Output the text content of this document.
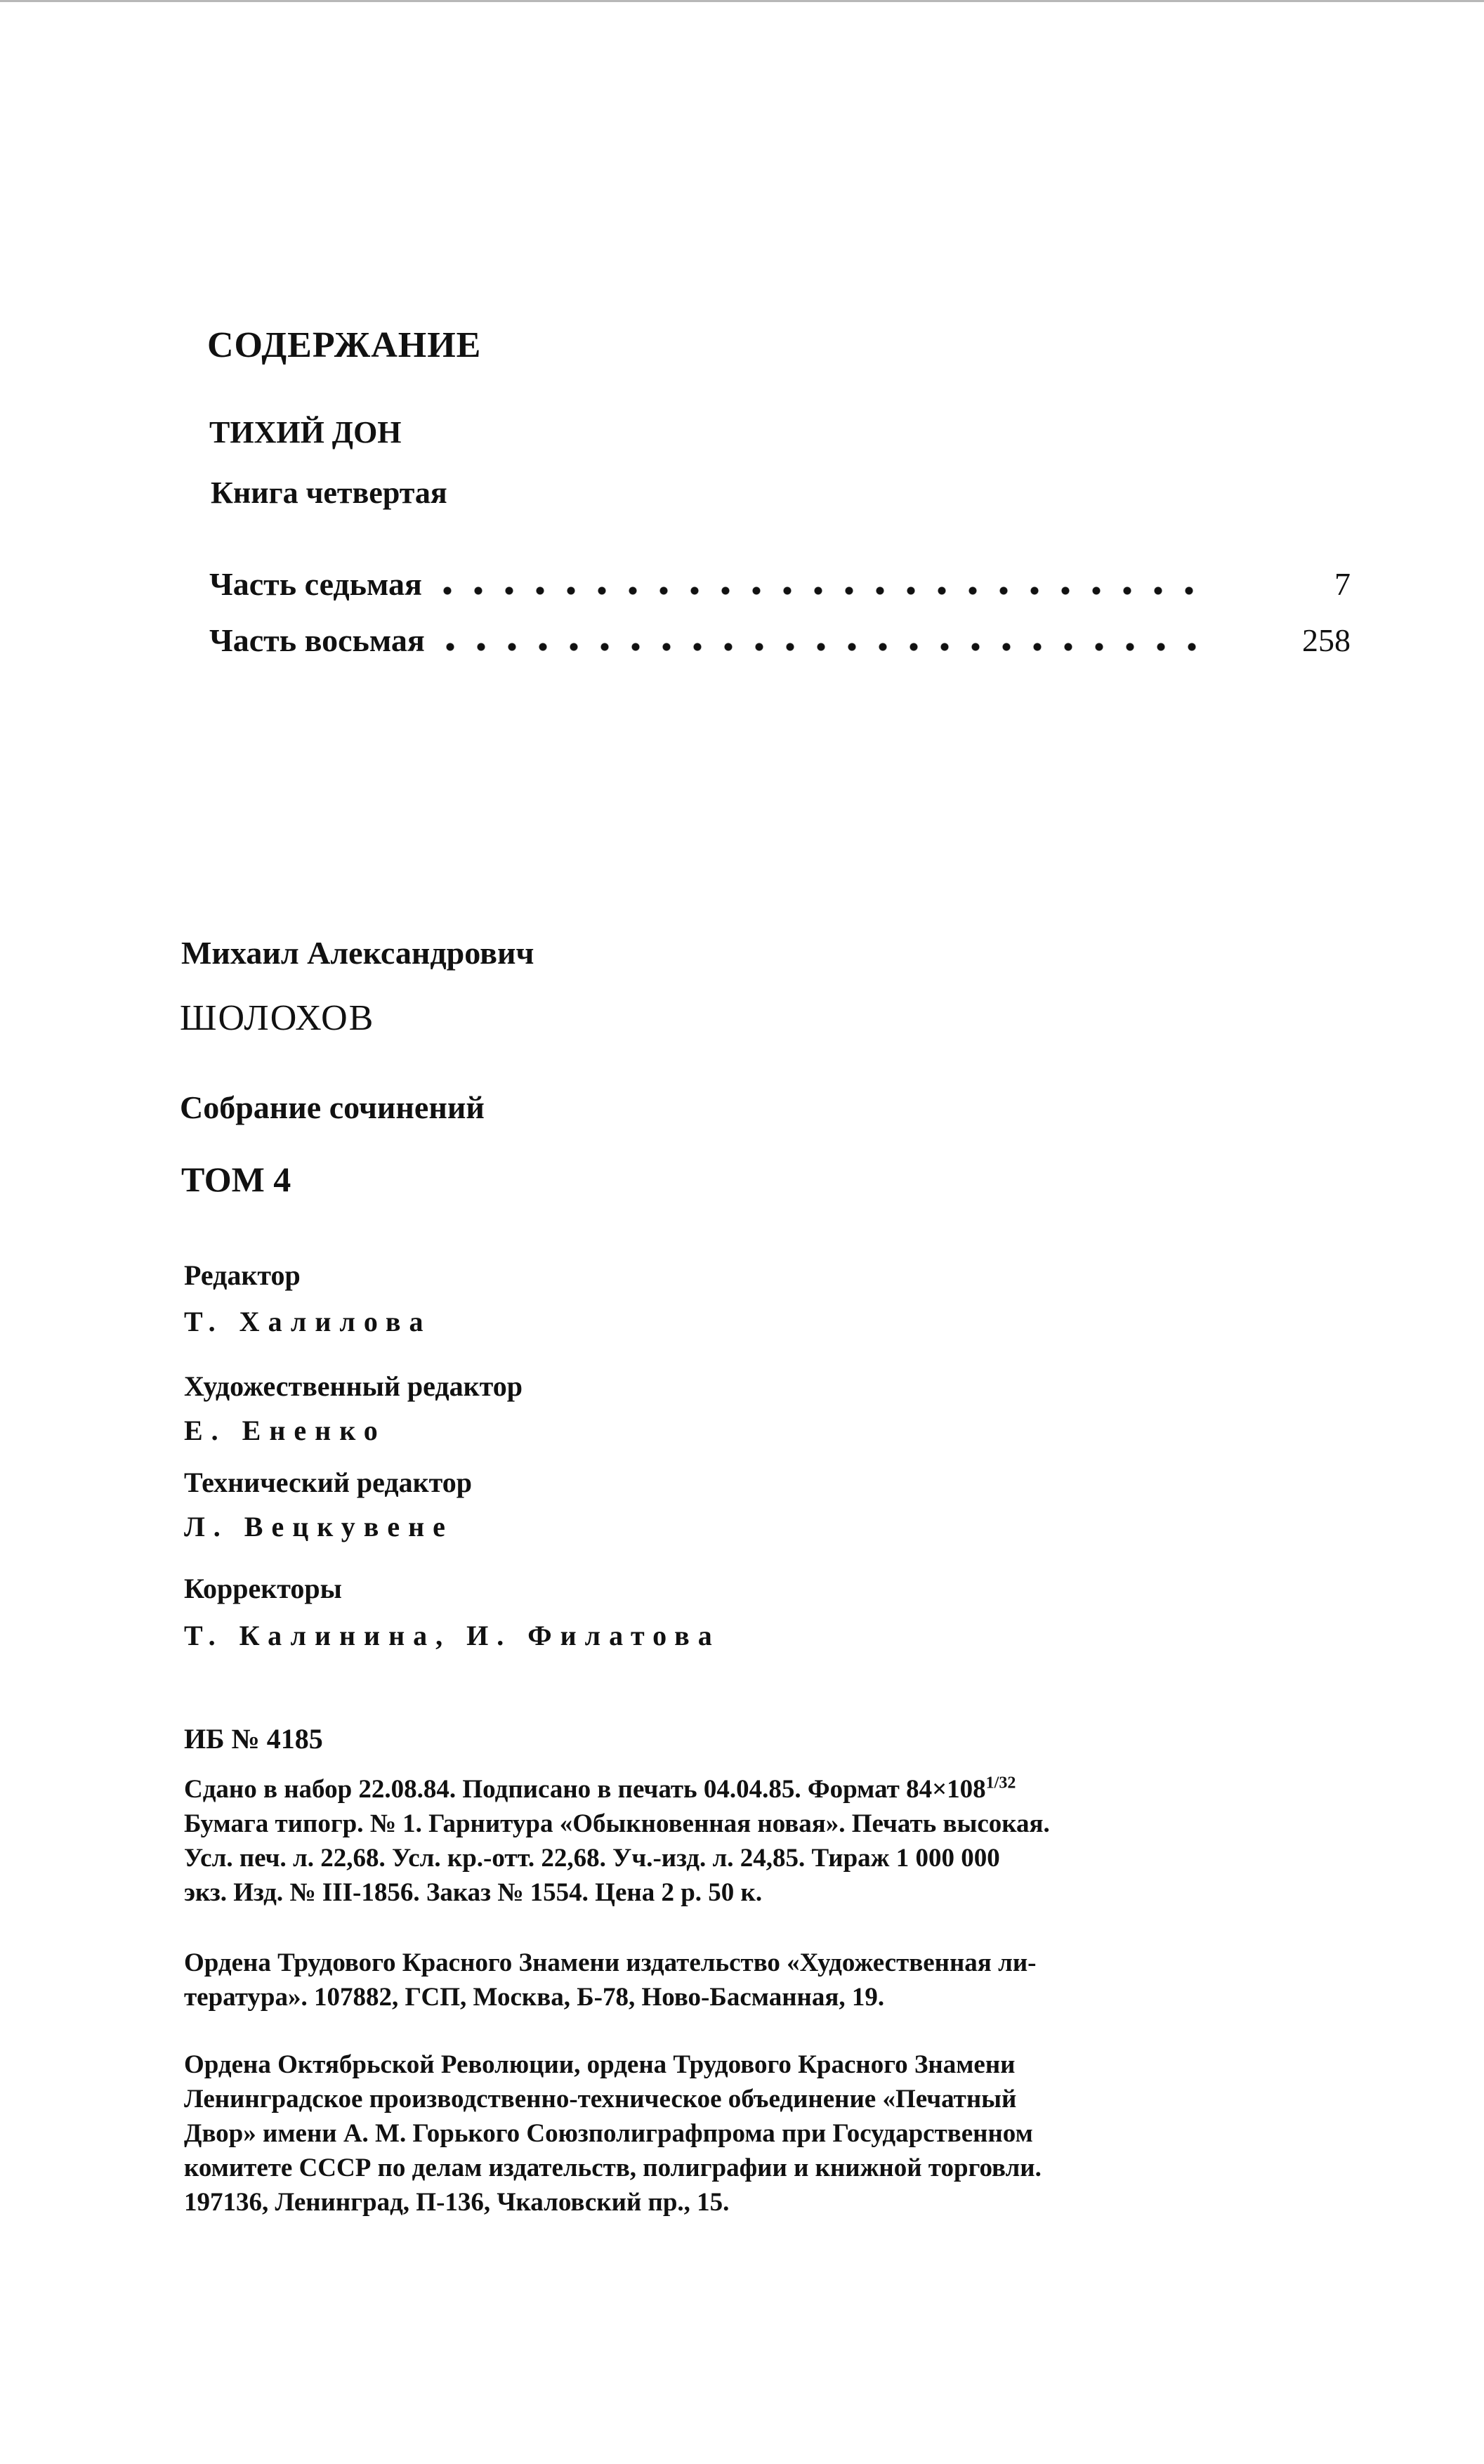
СОДЕРЖАНИЕ
ТИХИЙ ДОН
Книга четвертая
Часть седьмая	7
Часть восьмая	258
Михаил Александрович
ШОЛОХОВ
Собрание сочинений
ТОМ 4
Редактор
Т. Халилова
Художественный редактор
Е. Ененко
Технический редактор
Л. Вецкувене
Корректоры
Т. Калинина, И. Филатова
ИБ № 4185
Сдано в набор 22.08.84. Подписано в печать 04.04.85. Формат $84\times 108^{1/32}$
Бумага типогр. № 1. Гарнитура «Обыкновенная новая». Печать высокая.
Усл. печ. л. 22,68. Усл. кр.-отт. 22,68. Уч.-изд. л. 24,85. Тираж 1 000 000
экз. Изд. № III-1856. Заказ № 1554. Цена 2 р. 50 к.
Ордена Трудового Красного Знамени издательство «Художественная ли-
тература». 107882, ГСП, Москва, Б-78, Ново-Басманная, 19.
Ордена Октябрьской Революции, ордена Трудового Красного Знамени
Ленинградское производственно-техническое объединение «Печатный
Двор» имени А. М. Горького Союзполиграфпрома при Государственном
комитете СССР по делам издательств, полиграфии и книжной торговли.
197136, Ленинград, П-136, Чкаловский пр., 15.
